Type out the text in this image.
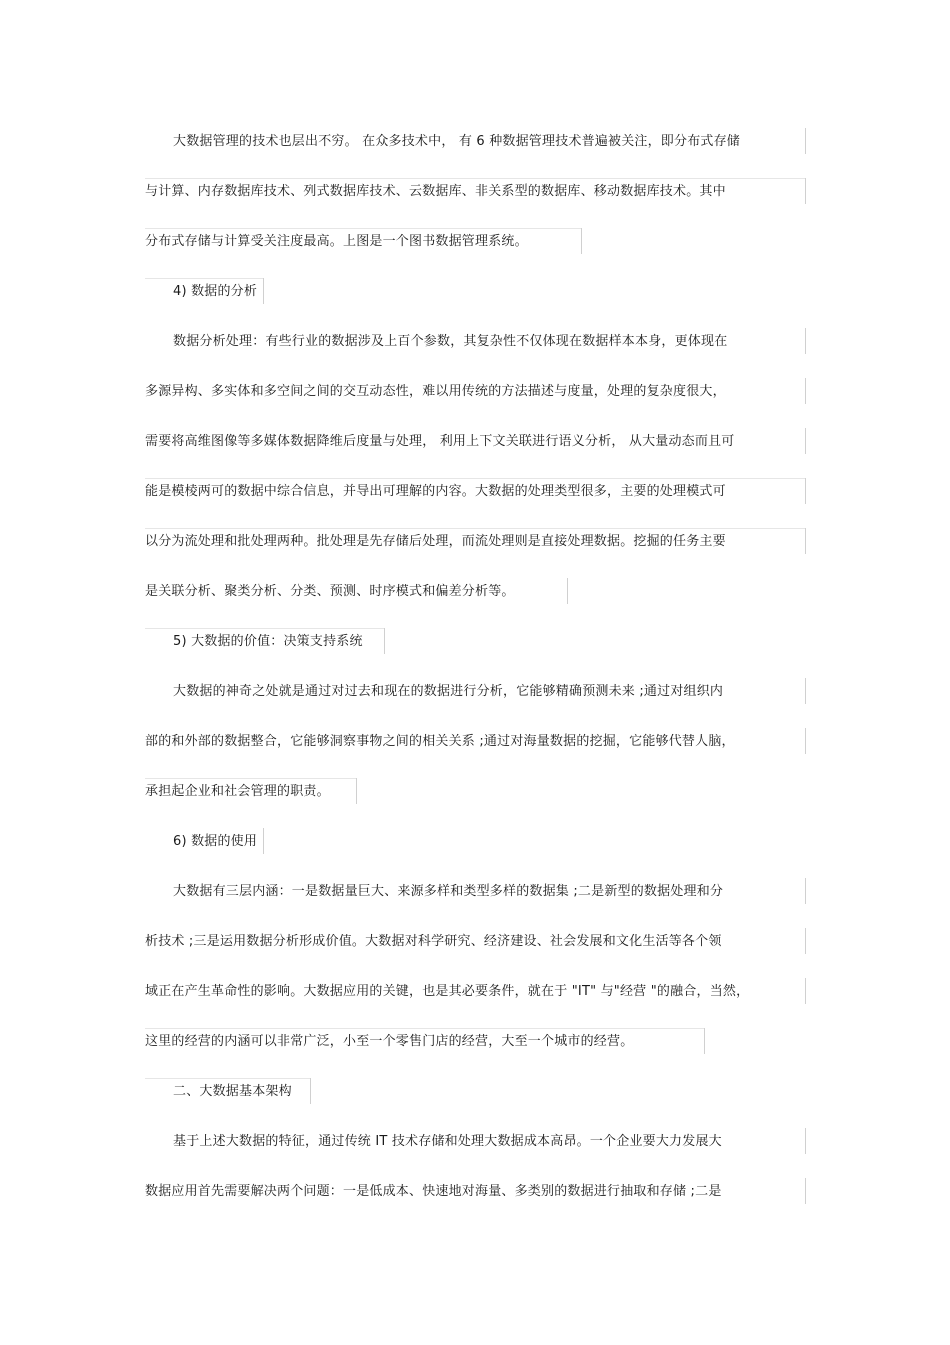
大数据管理的技术也层出不穷。 在众多技术中， 有 6 种数据管理技术普遍被关注，即分布式存储
与计算、内存数据库技术、列式数据库技术、云数据库、非关系型的数据库、移动数据库技术。其中
分布式存储与计算受关注度最高。上图是一个图书数据管理系统。
4) 数据的分析
数据分析处理：有些行业的数据涉及上百个参数，其复杂性不仅体现在数据样本本身，更体现在
多源异构、多实体和多空间之间的交互动态性，难以用传统的方法描述与度量，处理的复杂度很大，
需要将高维图像等多媒体数据降维后度量与处理， 利用上下文关联进行语义分析， 从大量动态而且可
能是模棱两可的数据中综合信息，并导出可理解的内容。大数据的处理类型很多，主要的处理模式可
以分为流处理和批处理两种。批处理是先存储后处理，而流处理则是直接处理数据。挖掘的任务主要
是关联分析、聚类分析、分类、预测、时序模式和偏差分析等。
5) 大数据的价值：决策支持系统
大数据的神奇之处就是通过对过去和现在的数据进行分析，它能够精确预测未来 ;通过对组织内
部的和外部的数据整合，它能够洞察事物之间的相关关系 ;通过对海量数据的挖掘，它能够代替人脑，
承担起企业和社会管理的职责。
6) 数据的使用
大数据有三层内涵：一是数据量巨大、来源多样和类型多样的数据集 ;二是新型的数据处理和分
析技术 ;三是运用数据分析形成价值。大数据对科学研究、经济建设、社会发展和文化生活等各个领
域正在产生革命性的影响。大数据应用的关键，也是其必要条件，就在于 "IT" 与"经营 "的融合，当然，
这里的经营的内涵可以非常广泛，小至一个零售门店的经营，大至一个城市的经营。
二、大数据基本架构
基于上述大数据的特征，通过传统 IT 技术存储和处理大数据成本高昂。一个企业要大力发展大
数据应用首先需要解决两个问题：一是低成本、快速地对海量、多类别的数据进行抽取和存储 ;二是
